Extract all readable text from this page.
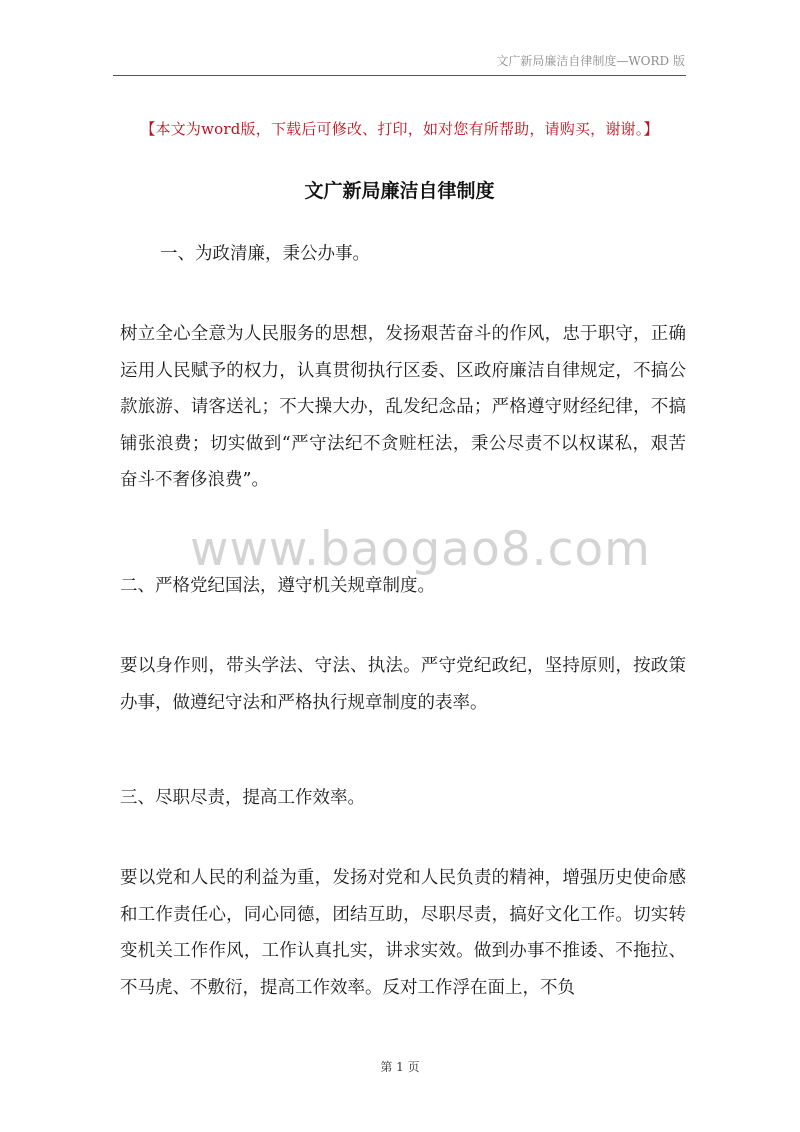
文广新局廉洁自律制度—WORD 版
【本文为word版，下载后可修改、打印，如对您有所帮助，请购买，谢谢。】
文广新局廉洁自律制度
一、为政清廉，秉公办事。
树立全心全意为人民服务的思想，发扬艰苦奋斗的作风，忠于职守，正确运用人民赋予的权力，认真贯彻执行区委、区政府廉洁自律规定，不搞公款旅游、请客送礼；不大操大办，乱发纪念品；严格遵守财经纪律，不搞铺张浪费；切实做到“严守法纪不贪赃枉法，秉公尽责不以权谋私，艰苦奋斗不奢侈浪费”。
www.baogao8.com
二、严格党纪国法，遵守机关规章制度。
要以身作则，带头学法、守法、执法。严守党纪政纪，坚持原则，按政策办事，做遵纪守法和严格执行规章制度的表率。
三、尽职尽责，提高工作效率。
要以党和人民的利益为重，发扬对党和人民负责的精神，增强历史使命感和工作责任心，同心同德，团结互助，尽职尽责，搞好文化工作。切实转变机关工作作风，工作认真扎实，讲求实效。做到办事不推诿、不拖拉、不马虎、不敷衍，提高工作效率。反对工作浮在面上，不负
第 1 页
